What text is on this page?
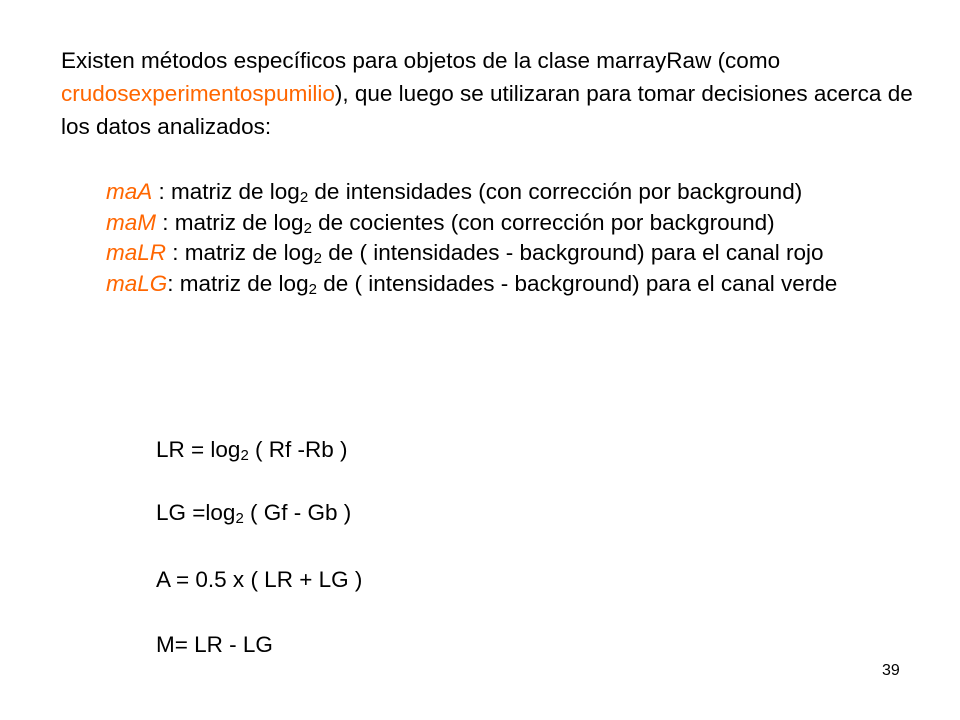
Existen métodos específicos para objetos de la clase marrayRaw (como crudosexperimentospumilio), que luego se utilizaran para tomar decisiones acerca de los datos analizados:
maA : matriz de $\log_2$ de intensidades (con corrección por background)
maM : matriz de $\log_2$ de cocientes (con corrección por background)
maLR : matriz de $\log_2$ de ( intensidades - background) para el canal rojo
maLG: matriz de $\log_2$ de ( intensidades - background) para el canal verde
LR = $\log_2$ ( Rf -Rb )
LG $=\log_2$ ( Gf - Gb )
A = 0.5 x ( LR + LG )
M= LR - LG
39
